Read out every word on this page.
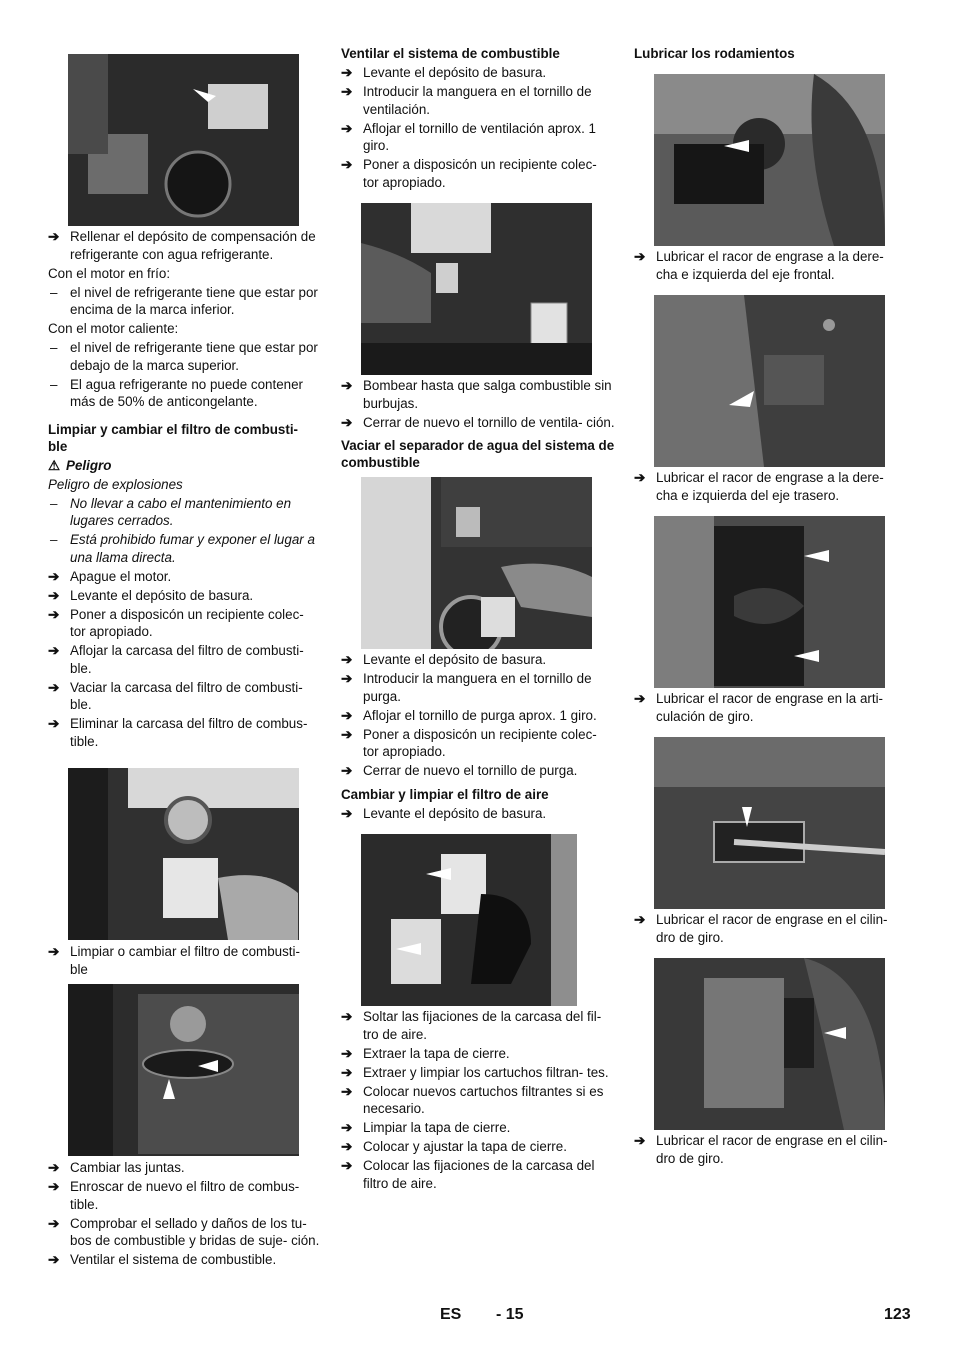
➔ Rellenar el depósito de compensación de refrigerante con agua refrigerante.
Con el motor en frío:
– el nivel de refrigerante tiene que estar por encima de la marca inferior.
Con el motor caliente:
– el nivel de refrigerante tiene que estar por debajo de la marca superior.
– El agua refrigerante no puede contener más de 50% de anticongelante.
Limpiar y cambiar el filtro de combusti- ble
⚠ Peligro
Peligro de explosiones
– No llevar a cabo el mantenimiento en lugares cerrados.
– Está prohibido fumar y exponer el lugar a una llama directa.
➔ Apague el motor.
➔ Levante el depósito de basura.
➔ Poner a disposicón un recipiente colec- tor apropiado.
➔ Aflojar la carcasa del filtro de combusti- ble.
➔ Vaciar la carcasa del filtro de combusti- ble.
➔ Eliminar la carcasa del filtro de combus- tible.
➔ Limpiar o cambiar el filtro de combusti- ble
➔ Cambiar las juntas.
➔ Enroscar de nuevo el filtro de combus- tible.
➔ Comprobar el sellado y daños de los tu- bos de combustible y bridas de suje- ción.
➔ Ventilar el sistema de combustible.
Ventilar el sistema de combustible
➔ Levante el depósito de basura.
➔ Introducir la manguera en el tornillo de ventilación.
➔ Aflojar el tornillo de ventilación aprox. 1 giro.
➔ Poner a disposicón un recipiente colec- tor apropiado.
➔ Bombear hasta que salga combustible sin burbujas.
➔ Cerrar de nuevo el tornillo de ventila- ción.
Vaciar el separador de agua del sistema de combustible
➔ Levante el depósito de basura.
➔ Introducir la manguera en el tornillo de purga.
➔ Aflojar el tornillo de purga aprox. 1 giro.
➔ Poner a disposicón un recipiente colec- tor apropiado.
➔ Cerrar de nuevo el tornillo de purga.
Cambiar y limpiar el filtro de aire
➔ Levante el depósito de basura.
➔ Soltar las fijaciones de la carcasa del fil- tro de aire.
➔ Extraer la tapa de cierre.
➔ Extraer y limpiar los cartuchos filtran- tes.
➔ Colocar nuevos cartuchos filtrantes si es necesario.
➔ Limpiar la tapa de cierre.
➔ Colocar y ajustar la tapa de cierre.
➔ Colocar las fijaciones de la carcasa del filtro de aire.
Lubricar los rodamientos
➔ Lubricar el racor de engrase a la dere- cha e izquierda del eje frontal.
➔ Lubricar el racor de engrase a la dere- cha e izquierda del eje trasero.
➔ Lubricar el racor de engrase en la arti- culación de giro.
➔ Lubricar el racor de engrase en el cilin- dro de giro.
➔ Lubricar el racor de engrase en el cilin- dro de giro.
ES - 15	123
